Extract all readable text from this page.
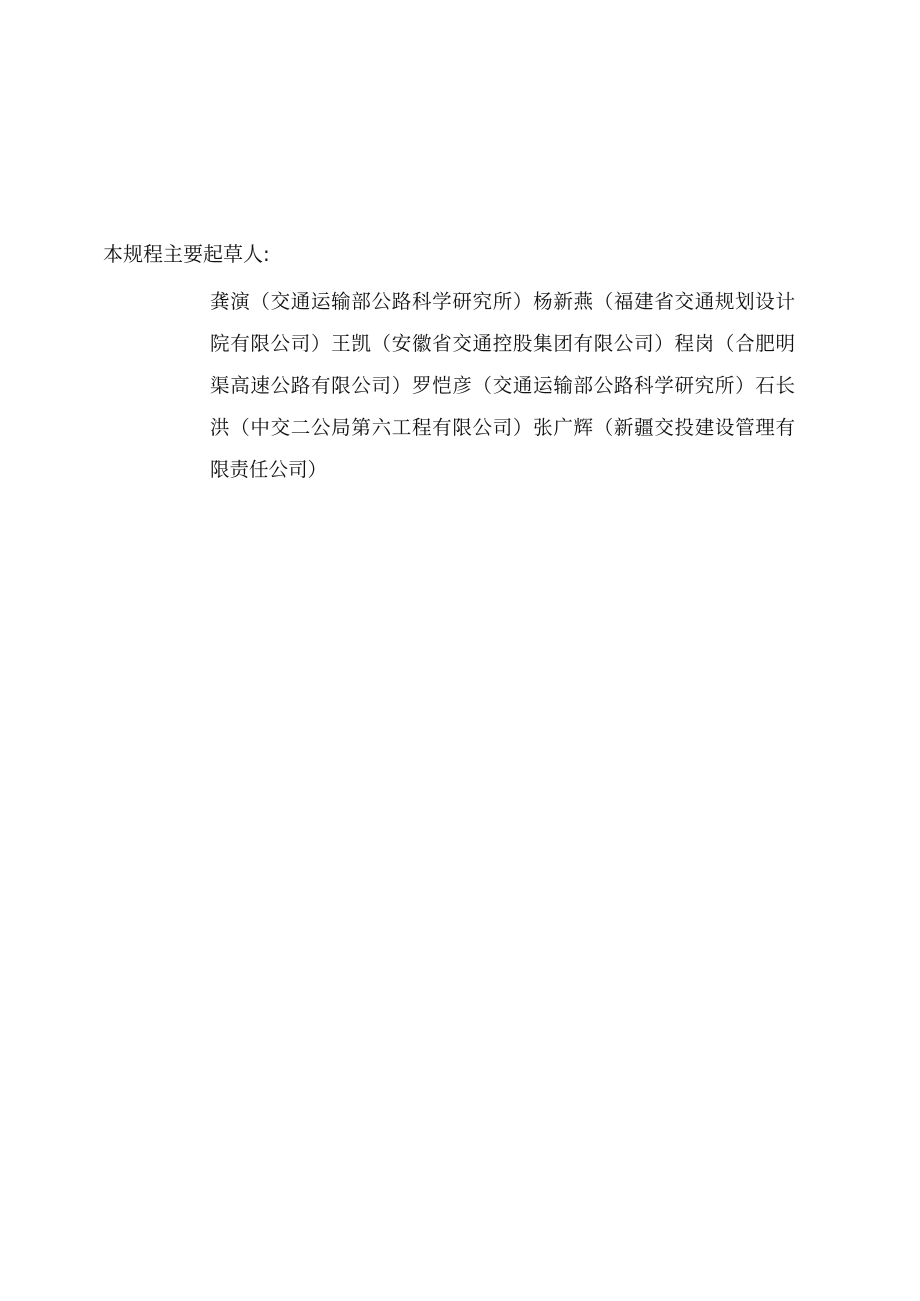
本规程主要起草人:

龚演（交通运输部公路科学研究所）杨新燕（福建省交通规划设计院有限公司）王凯（安徽省交通控股集团有限公司）程岗（合肥明渠高速公路有限公司）罗恺彦（交通运输部公路科学研究所）石长洪（中交二公局第六工程有限公司）张广辉（新疆交投建设管理有限责任公司）
